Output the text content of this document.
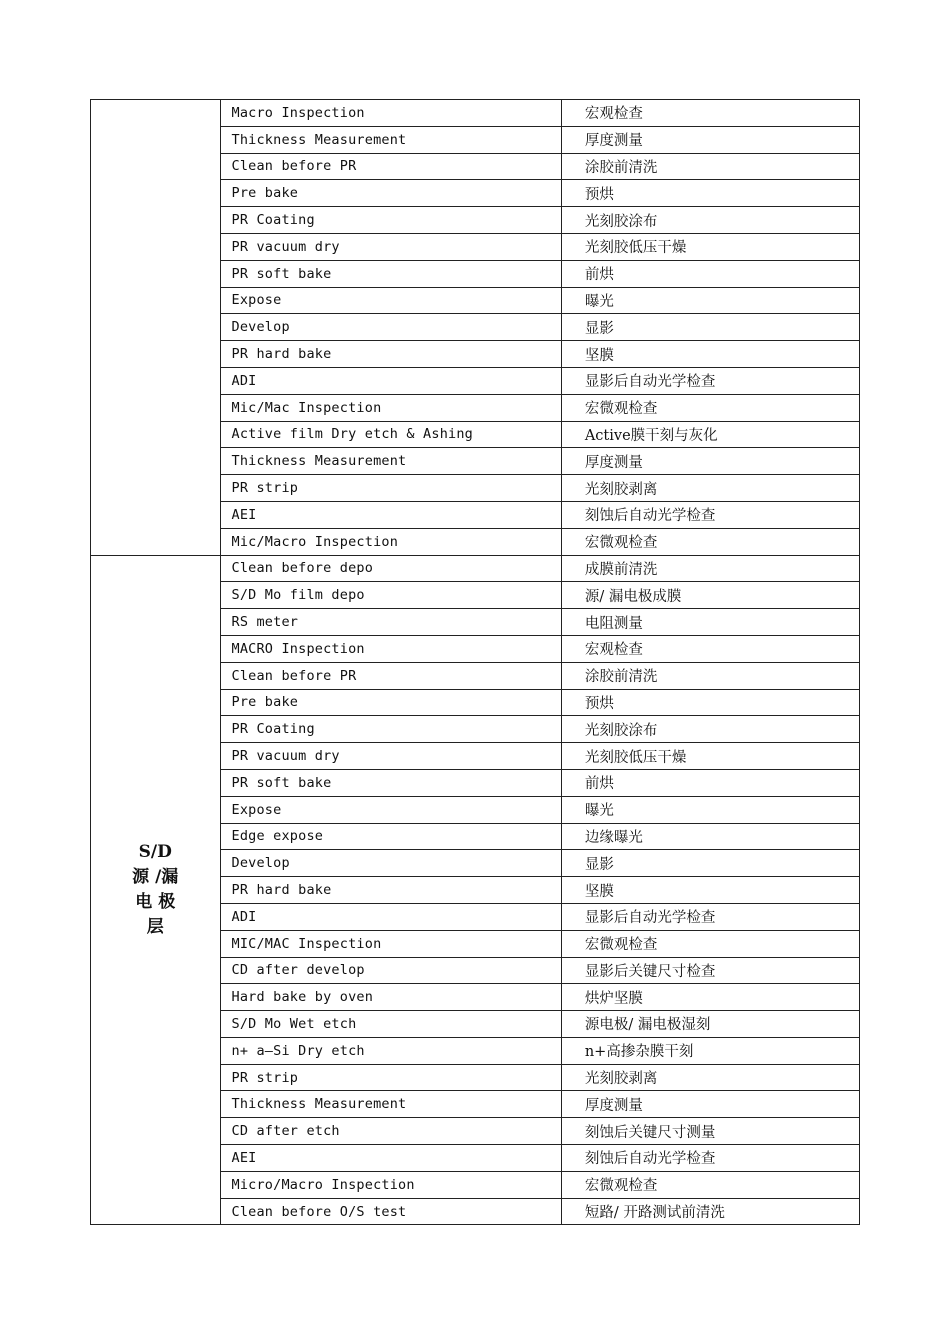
	Macro Inspection	宏观检查
	Thickness Measurement	厚度测量
	Clean before PR	涂胶前清洗
	Pre bake	预烘
	PR Coating	光刻胶涂布
	PR vacuum dry	光刻胶低压干燥
	PR soft bake	前烘
	Expose	曝光
	Develop	显影
	PR hard bake	坚膜
	ADI	显影后自动光学检查
	Mic/Mac Inspection	宏微观检查
	Active film Dry etch & Ashing	Active膜干刻与灰化
	Thickness Measurement	厚度测量
	PR strip	光刻胶剥离
	AEI	刻蚀后自动光学检查
	Mic/Macro Inspection	宏微观检查

S/D
源 /漏
电 极
层	Clean before depo	成膜前清洗
	S/D Mo film depo	源/ 漏电极成膜
	RS meter	电阻测量
	MACRO Inspection	宏观检查
	Clean before PR	涂胶前清洗
	Pre bake	预烘
	PR Coating	光刻胶涂布
	PR vacuum dry	光刻胶低压干燥
	PR soft bake	前烘
	Expose	曝光
	Edge expose	边缘曝光
	Develop	显影
	PR hard bake	坚膜
	ADI	显影后自动光学检查
	MIC/MAC Inspection	宏微观检查
	CD after develop	显影后关键尺寸检查
	Hard bake by oven	烘炉坚膜
	S/D Mo Wet etch	源电极/ 漏电极湿刻
	n+ a—Si Dry etch	n+高掺杂膜干刻
	PR strip	光刻胶剥离
	Thickness Measurement	厚度测量
	CD after etch	刻蚀后关键尺寸测量
	AEI	刻蚀后自动光学检查
	Micro/Macro Inspection	宏微观检查
	Clean before O/S test	短路/ 开路测试前清洗
